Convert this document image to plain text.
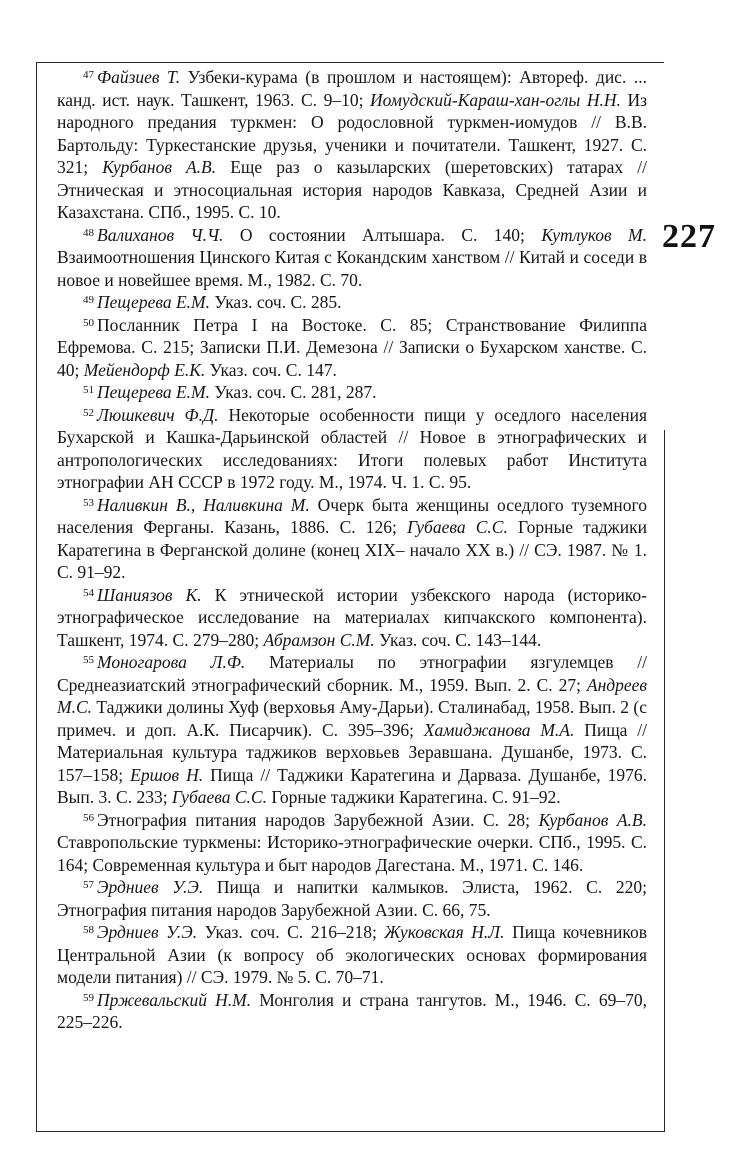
227

$^{47}$ Файзиев Т. Узбеки-курама (в прошлом и настоящем): Автореф. дис. ... канд. ист. наук. Ташкент, 1963. С. 9–10; Иомудский-Караш-хан-оглы Н.Н. Из народного предания туркмен: О родословной туркмен-иомудов // В.В. Бартольду: Туркестанские друзья, ученики и почитатели. Ташкент, 1927. С. 321; Курбанов А.В. Еще раз о казыларских (шеретовских) татарах // Этническая и этносоциальная история народов Кавказа, Средней Азии и Казахстана. СПб., 1995. С. 10.

$^{48}$ Валиханов Ч.Ч. О состоянии Алтышара. С. 140; Кутлуков М. Взаимоотношения Цинского Китая с Кокандским ханством // Китай и соседи в новое и новейшее время. М., 1982. С. 70.

$^{49}$ Пещерева Е.М. Указ. соч. С. 285.

$^{50}$ Посланник Петра I на Востоке. С. 85; Странствование Филиппа Ефремова. С. 215; Записки П.И. Демезона // Записки о Бухарском ханстве. С. 40; Мейендорф Е.К. Указ. соч. С. 147.

$^{51}$ Пещерева Е.М. Указ. соч. С. 281, 287.

$^{52}$ Люшкевич Ф.Д. Некоторые особенности пищи у оседлого населения Бухарской и Кашка-Дарьинской областей // Новое в этнографических и антропологических исследованиях: Итоги полевых работ Института этнографии АН СССР в 1972 году. М., 1974. Ч. 1. С. 95.

$^{53}$ Наливкин В., Наливкина М. Очерк быта женщины оседлого туземного населения Ферганы. Казань, 1886. С. 126; Губаева С.С. Горные таджики Каратегина в Ферганской долине (конец XIX– начало XX в.) // СЭ. 1987. № 1. С. 91–92.

$^{54}$ Шаниязов К. К этнической истории узбекского народа (историко-этнографическое исследование на материалах кипчакского компонента). Ташкент, 1974. С. 279–280; Абрамзон С.М. Указ. соч. С. 143–144.

$^{55}$ Моногарова Л.Ф. Материалы по этнографии язгулемцев // Среднеазиатский этнографический сборник. М., 1959. Вып. 2. С. 27; Андреев М.С. Таджики долины Хуф (верховья Аму-Дарьи). Сталинабад, 1958. Вып. 2 (с примеч. и доп. А.К. Писарчик). С. 395–396; Хамиджанова М.А. Пища // Материальная культура таджиков верховьев Зеравшана. Душанбе, 1973. С. 157–158; Ершов Н. Пища // Таджики Каратегина и Дарваза. Душанбе, 1976. Вып. 3. С. 233; Губаева С.С. Горные таджики Каратегина. С. 91–92.

$^{56}$ Этнография питания народов Зарубежной Азии. С. 28; Курбанов А.В. Ставропольские туркмены: Историко-этнографические очерки. СПб., 1995. С. 164; Современная культура и быт народов Дагестана. М., 1971. С. 146.

$^{57}$ Эрдниев У.Э. Пища и напитки калмыков. Элиста, 1962. С. 220; Этнография питания народов Зарубежной Азии. С. 66, 75.

$^{58}$ Эрдниев У.Э. Указ. соч. С. 216–218; Жуковская Н.Л. Пища кочевников Центральной Азии (к вопросу об экологических основах формирования модели питания) // СЭ. 1979. № 5. С. 70–71.

$^{59}$ Пржевальский Н.М. Монголия и страна тангутов. М., 1946. С. 69–70, 225–226.
